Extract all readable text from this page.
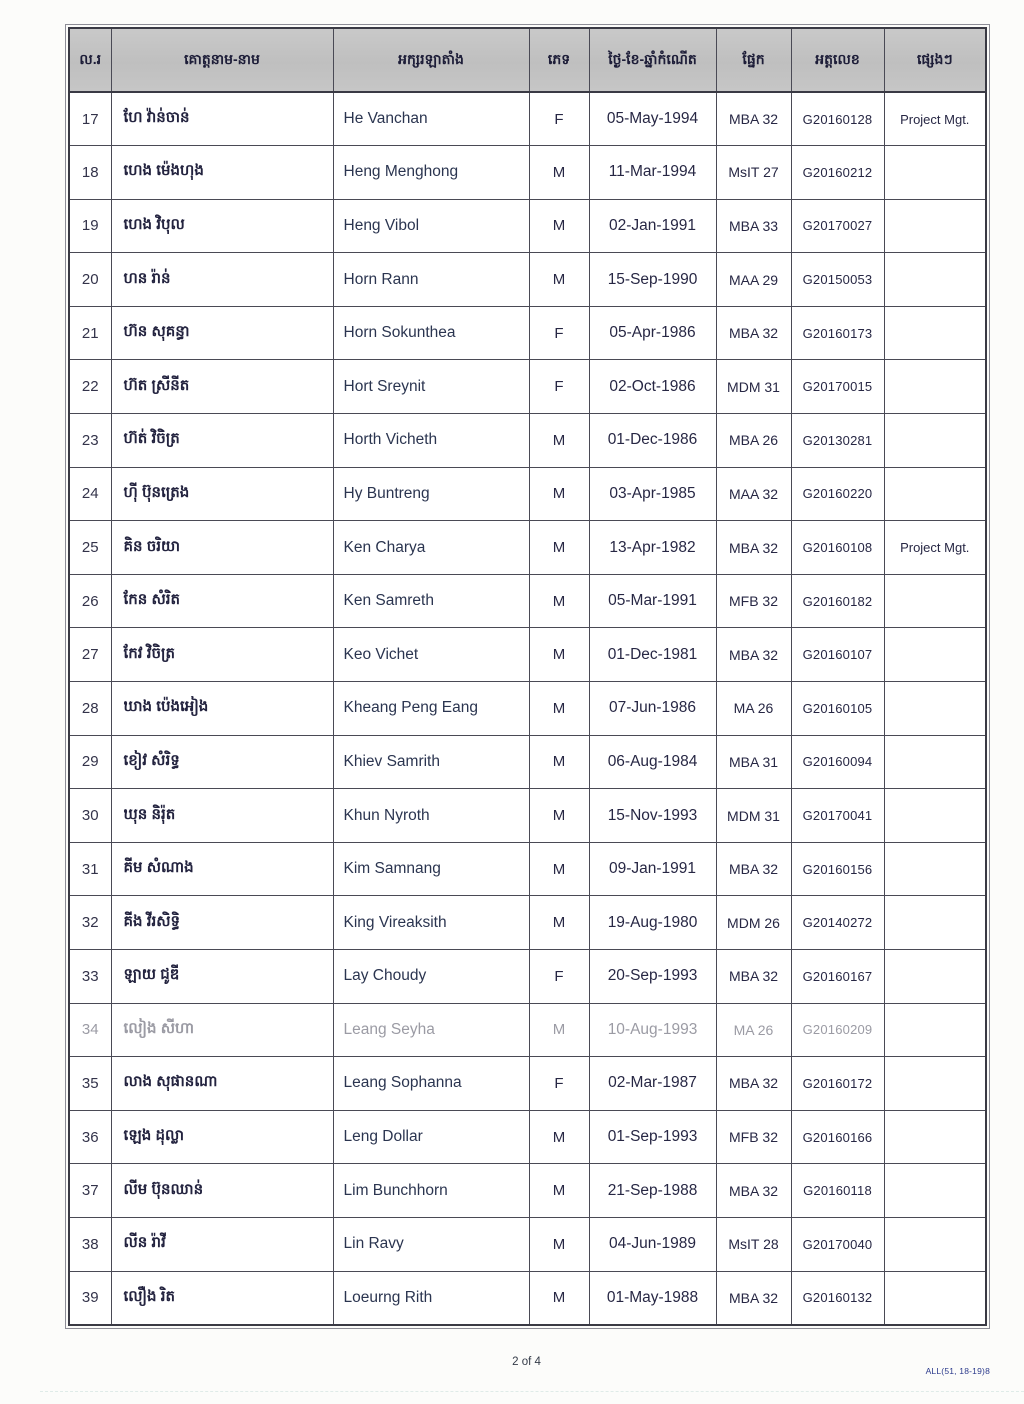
ល.រ	គោត្តនាម-នាម	អក្សរឡាតាំង	ភេទ	ថ្ងៃ-ខែ-ឆ្នាំកំណើត	ផ្នែក	អត្តលេខ	ផ្សេងៗ
17	ហែ វ៉ាន់ចាន់	He Vanchan	F	05-May-1994	MBA 32	G20160128	Project Mgt.
18	ហេង ម៉េងហុង	Heng Menghong	M	11-Mar-1994	MsIT 27	G20160212	
19	ហេង វិបុល	Heng Vibol	M	02-Jan-1991	MBA 33	G20170027	
20	ហន រ៉ាន់	Horn Rann	M	15-Sep-1990	MAA 29	G20150053	
21	ហ៊ន សុគន្ធា	Horn Sokunthea	F	05-Apr-1986	MBA 32	G20160173	
22	ហ៊ត ស្រីនីត	Hort Sreynit	F	02-Oct-1986	MDM 31	G20170015	
23	ហ៊ត់ វិចិត្រ	Horth Vicheth	M	01-Dec-1986	MBA 26	G20130281	
24	ហ៊ី ប៊ុនត្រេង	Hy Buntreng	M	03-Apr-1985	MAA 32	G20160220	
25	គិន ចរិយា	Ken Charya	M	13-Apr-1982	MBA 32	G20160108	Project Mgt.
26	កែន សំរិត	Ken Samreth	M	05-Mar-1991	MFB 32	G20160182	
27	កែវ វិចិត្រ	Keo Vichet	M	01-Dec-1981	MBA 32	G20160107	
28	ឃាង ប៉េងអៀង	Kheang Peng Eang	M	07-Jun-1986	MA 26	G20160105	
29	ខៀវ សំរិទ្ធ	Khiev Samrith	M	06-Aug-1984	MBA 31	G20160094	
30	ឃុន និរ៉ុត	Khun Nyroth	M	15-Nov-1993	MDM 31	G20170041	
31	គីម សំណាង	Kim Samnang	M	09-Jan-1991	MBA 32	G20160156	
32	គីង វីរសិទ្ធិ	King Vireaksith	M	19-Aug-1980	MDM 26	G20140272	
33	ឡាយ ជូឌី	Lay Choudy	F	20-Sep-1993	MBA 32	G20160167	
34	លៀង សីហា	Leang Seyha	M	10-Aug-1993	MA 26	G20160209	
35	លាង សុផានណា	Leang Sophanna	F	02-Mar-1987	MBA 32	G20160172	
36	ឡេង ដុល្លា	Leng Dollar	M	01-Sep-1993	MFB 32	G20160166	
37	លីម ប៊ុនឈាន់	Lim Bunchhorn	M	21-Sep-1988	MBA 32	G20160118	
38	លីន រ៉ាវី	Lin Ravy	M	04-Jun-1989	MsIT 28	G20170040	
39	លឿង រិត	Loeurng Rith	M	01-May-1988	MBA 32	G20160132	
2 of 4
ALL(51, 18-19)8
